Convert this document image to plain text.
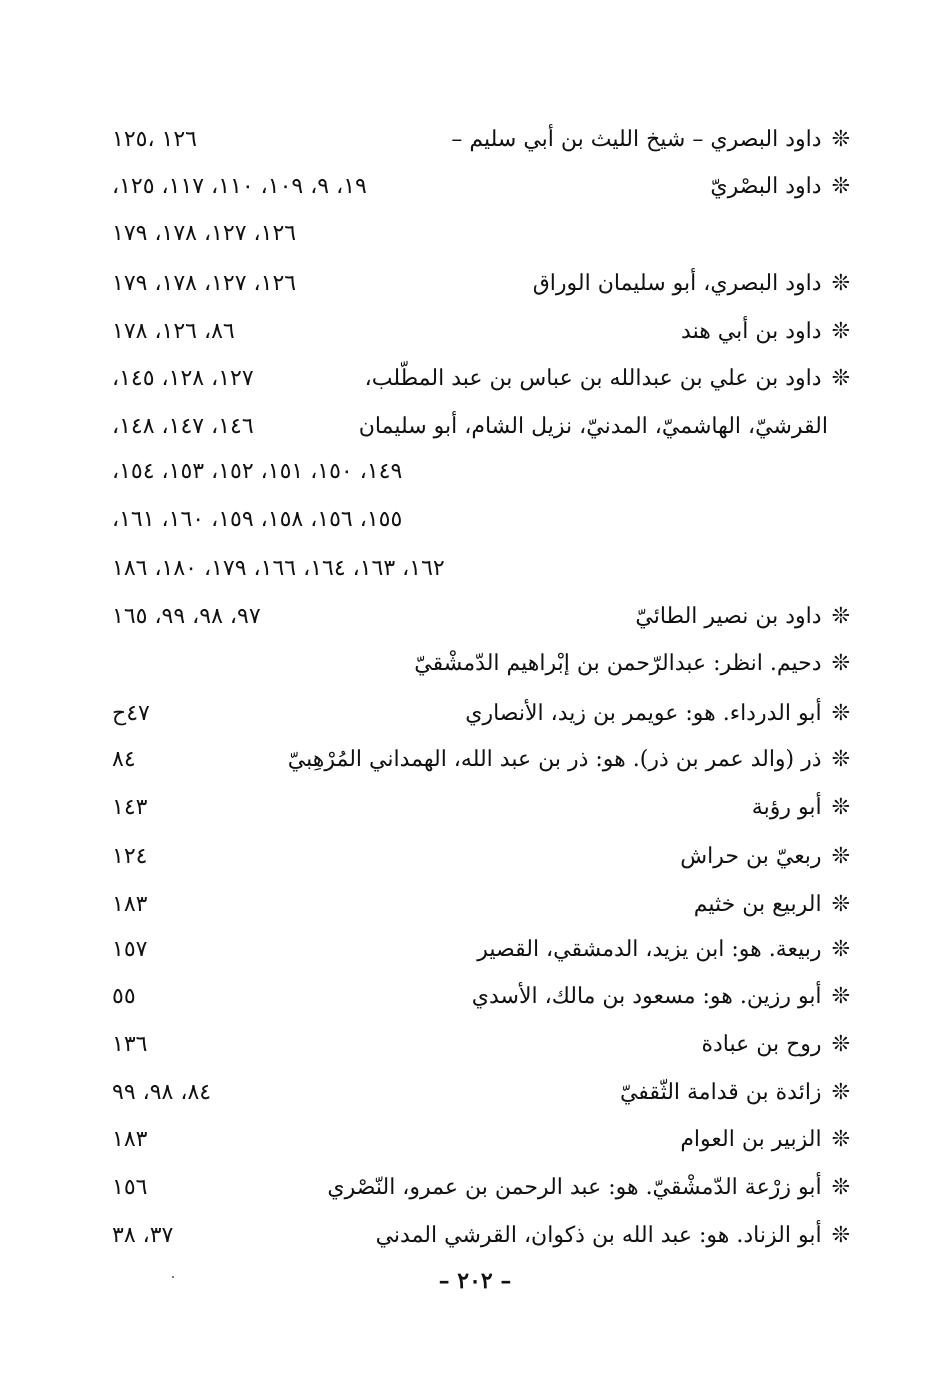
❊داود البصري – شيخ الليث بن أبي سليم –
١٢٦ ،١٢٥
❊داود البصْريّ
١٩، ٩، ١٠٩، ١١٠، ١١٧، ١٢٥،
١٢٦، ١٢٧، ١٧٨، ١٧٩
❊داود البصري، أبو سليمان الوراق
١٢٦، ١٢٧، ١٧٨، ١٧٩
❊داود بن أبي هند
٨٦، ١٢٦، ١٧٨
❊داود بن علي بن عبدالله بن عباس بن عبد المطّلب،
١٢٧، ١٢٨، ١٤٥،
القرشيّ، الهاشميّ، المدنيّ، نزيل الشام، أبو سليمان
١٤٦، ١٤٧، ١٤٨،
١٤٩، ١٥٠، ١٥١، ١٥٢، ١٥٣، ١٥٤،
١٥٥، ١٥٦، ١٥٨، ١٥٩، ١٦٠، ١٦١،
١٦٢، ١٦٣، ١٦٤، ١٦٦، ١٧٩، ١٨٠، ١٨٦
❊داود بن نصير الطائيّ
٩٧، ٩٨، ٩٩، ١٦٥
❊دحيم. انظر: عبدالرّحمن بن إبْراهيم الدّمشْقيّ
❊أبو الدرداء. هو: عويمر بن زيد، الأنصاري
٤٧ح
❊ذر (والد عمر بن ذر). هو: ذر بن عبد الله، الهمداني المُرْهِبيّ
٨٤
❊أبو رؤبة
١٤٣
❊ربعيّ بن حراش
١٢٤
❊الربيع بن خثيم
١٨٣
❊ربيعة. هو: ابن يزيد، الدمشقي، القصير
١٥٧
❊أبو رزين. هو: مسعود بن مالك، الأسدي
٥٥
❊روح بن عبادة
١٣٦
❊زائدة بن قدامة الثّقفيّ
٨٤، ٩٨، ٩٩
❊الزبير بن العوام
١٨٣
❊أبو زرْعة الدّمشْقيّ. هو: عبد الرحمن بن عمرو، النّصْري
١٥٦
❊أبو الزناد. هو: عبد الله بن ذكوان، القرشي المدني
٣٧، ٣٨
– ٢٠٢ –
